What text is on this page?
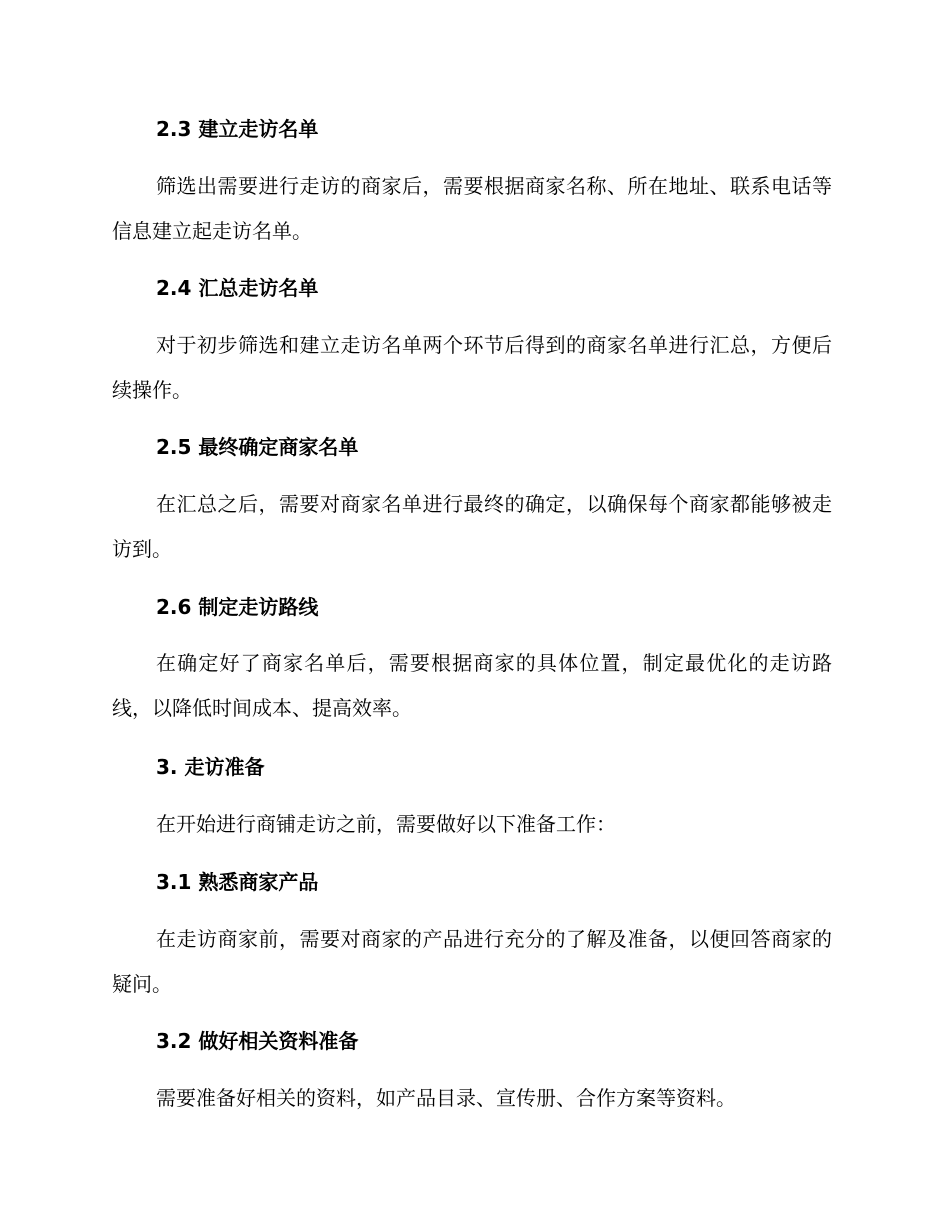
2.3 建立走访名单
筛选出需要进行走访的商家后，需要根据商家名称、所在地址、联系电话等信息建立起走访名单。
2.4 汇总走访名单
对于初步筛选和建立走访名单两个环节后得到的商家名单进行汇总，方便后续操作。
2.5 最终确定商家名单
在汇总之后，需要对商家名单进行最终的确定，以确保每个商家都能够被走访到。
2.6 制定走访路线
在确定好了商家名单后，需要根据商家的具体位置，制定最优化的走访路线，以降低时间成本、提高效率。
3. 走访准备
在开始进行商铺走访之前，需要做好以下准备工作：
3.1 熟悉商家产品
在走访商家前，需要对商家的产品进行充分的了解及准备，以便回答商家的疑问。
3.2 做好相关资料准备
需要准备好相关的资料，如产品目录、宣传册、合作方案等资料。
